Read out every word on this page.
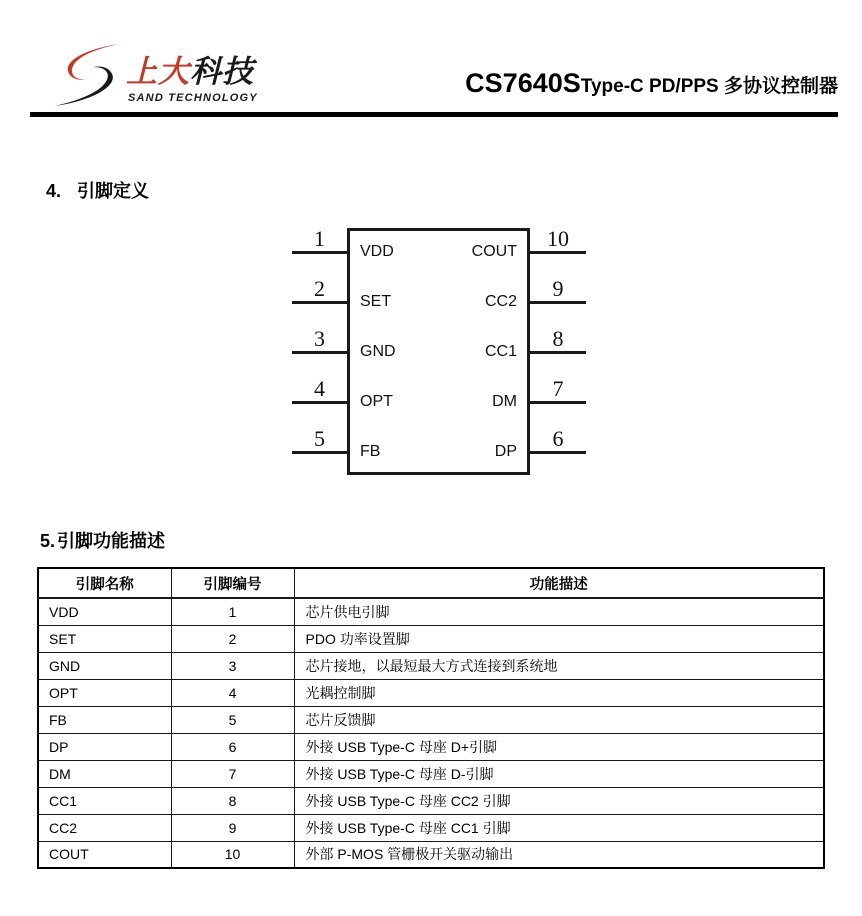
上大科技
SAND TECHNOLOGY	CS7640S Type-C PD/PPS 多协议控制器
4. 引脚定义
1
VDD
2
SET
3
GND
4
OPT
5
FB
10
COUT
9
CC2
8
CC1
7
DM
6
DP
5. 引脚功能描述
引脚名称	引脚编号	功能描述
VDD	1	芯片供电引脚
SET	2	PDO 功率设置脚
GND	3	芯片接地，以最短最大方式连接到系统地
OPT	4	光耦控制脚
FB	5	芯片反馈脚
DP	6	外接 USB Type-C 母座 D+引脚
DM	7	外接 USB Type-C 母座 D-引脚
CC1	8	外接 USB Type-C 母座 CC2 引脚
CC2	9	外接 USB Type-C 母座 CC1 引脚
COUT	10	外部 P-MOS 管栅极开关驱动输出
